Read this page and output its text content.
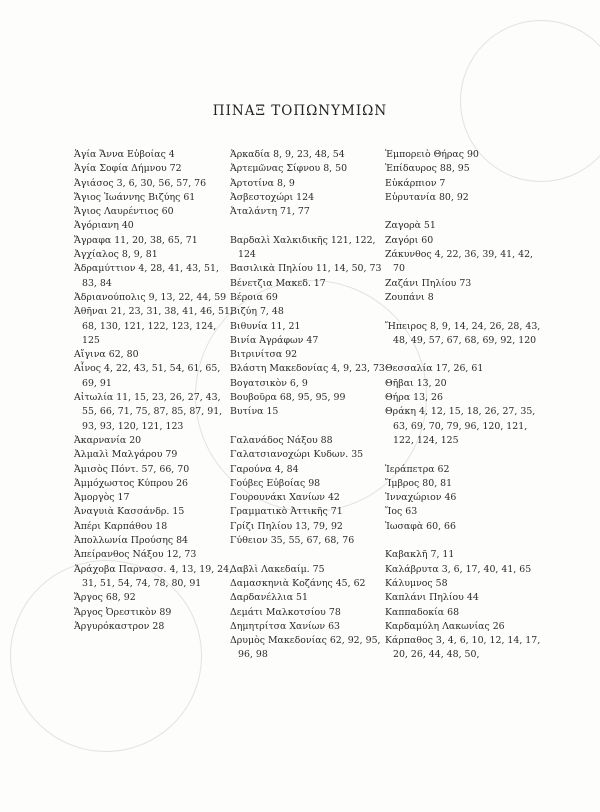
ΠΙΝΑΞ ΤΟΠΩΝΥΜΙΩΝ
Ἁγία Ἄννα Εὐβοίας 4
Ἁγία Σοφία Δήμνου 72
Ἀγιάσος 3, 6, 30, 56, 57, 76
Ἄγιος Ἰωάννης Βιζύης 61
Ἄγιος Λαυρέντιος 60
Ἀγόριανη 40
Ἄγραφα 11, 20, 38, 65, 71
Ἀγχίαλος 8, 9, 81
Ἀδραμύττιον 4, 28, 41, 43, 51, 83, 84
Ἀδριανούπολις 9, 13, 22, 44, 59
Ἀθῆναι 21, 23, 31, 38, 41, 46, 51, 68, 130, 121, 122, 123, 124, 125
Αἴγινα 62, 80
Αἶνος 4, 22, 43, 51, 54, 61, 65, 69, 91
Αἰτωλία 11, 15, 23, 26, 27, 43, 55, 66, 71, 75, 87, 85, 87, 91, 93, 93, 120, 121, 123
Ἀκαρνανία 20
Ἀλμαλὶ Μαλγάρου 79
Ἀμισὸς Πόντ. 57, 66, 70
Ἀμμόχωστος Κύπρου 26
Ἀμοργὸς 17
Ἀναγυιὰ Κασσάνδρ. 15
Ἀπέρι Καρπάθου 18
Ἀπολλωνία Προύσης 84
Ἀπείρανθος Νάξου 12, 73
Ἀράχοβα Παρνασσ. 4, 13, 19, 24, 31, 51, 54, 74, 78, 80, 91
Ἄργος 68, 92
Ἄργος Ὀρεστικὸν 89
Ἀργυρόκαστρον 28
Ἀρκαδία 8, 9, 23, 48, 54
Ἀρτεμῶνας Σίφνου 8, 50
Ἀρτοτίνα 8, 9
Ἀσβεστοχώρι 124
Ἀταλάντη 71, 77
Βαρδαλὶ Χαλκιδικῆς 121, 122, 124
Βασιλικὰ Πηλίου 11, 14, 50, 73
Βένετζια Μακεδ. 17
Βέροια 69
Βιζύη 7, 48
Βιθυνία 11, 21
Βινία Ἀγράφων 47
Βιτρινίτσα 92
Βλάστη Μακεδονίας 4, 9, 23, 73
Βογατσικὸν 6, 9
Βουβοῦρα 68, 95, 95, 99
Βυτίνα 15
Γαλανάδος Νάξου 88
Γαλατσιανοχώρι Κυδων. 35
Γαρούνα 4, 84
Γούβες Εὐβοίας 98
Γουρουνάκι Χανίων 42
Γραμματικὸ Ἀττικῆς 71
Γρίζι Πηλίου 13, 79, 92
Γύθειον 35, 55, 67, 68, 76
Δαβλὶ Λακεδαίμ. 75
Δαμασκηνιὰ Κοζάνης 45, 62
Δαρδανέλλια 51
Δεμάτι Μαλκοτσίου 78
Δημητρίτσα Χανίων 63
Δρυμὸς Μακεδονίας 62, 92, 95, 96, 98
Ἐμπορειὸ Θήρας 90
Ἐπίδαυρος 88, 95
Εὐκάρπιον 7
Εὐρυτανία 80, 92
Ζαγορὰ 51
Ζαγόρι 60
Ζάκυνθος 4, 22, 36, 39, 41, 42, 70
Ζαζάνι Πηλίου 73
Ζουπάνι 8
Ἤπειρος 8, 9, 14, 24, 26, 28, 43, 48, 49, 57, 67, 68, 69, 92, 120
Θεσσαλία 17, 26, 61
Θῆβαι 13, 20
Θήρα 13, 26
Θράκη 4, 12, 15, 18, 26, 27, 35, 63, 69, 70, 79, 96, 120, 121, 122, 124, 125
Ἱεράπετρα 62
Ἴμβρος 80, 81
Ἰνναχώριον 46
Ἴος 63
Ἰωσαφὰ 60, 66
Καβακλῆ 7, 11
Καλάβρυτα 3, 6, 17, 40, 41, 65
Κάλυμνος 58
Καπλάνι Πηλίου 44
Καππαδοκία 68
Καρδαμύλη Λακωνίας 26
Κάρπαθος 3, 4, 6, 10, 12, 14, 17, 20, 26, 44, 48, 50,
